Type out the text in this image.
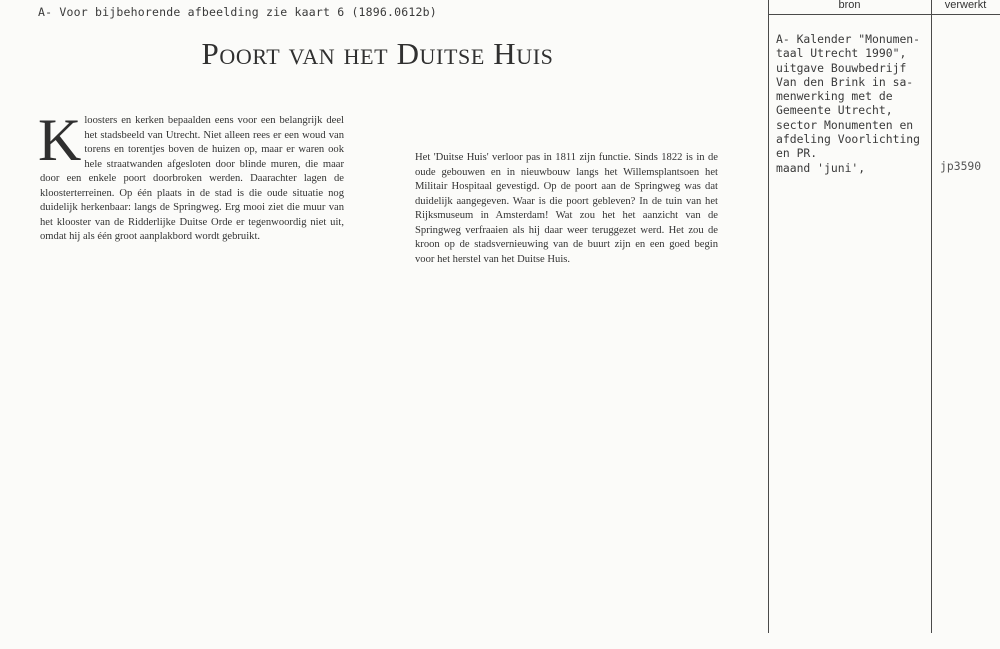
A- Voor bijbehorende afbeelding zie kaart 6 (1896.0612b)
Poort van het Duitse Huis
Kloosters en kerken bepaalden eens voor een belangrijk deel het stadsbeeld van Utrecht. Niet alleen rees er een woud van torens en torentjes boven de huizen op, maar er waren ook hele straatwanden afgesloten door blinde muren, die maar door een enkele poort doorbroken werden. Daarachter lagen de kloosterterreinen. Op één plaats in de stad is die oude situatie nog duidelijk herkenbaar: langs de Springweg. Erg mooi ziet die muur van het klooster van de Ridderlijke Duitse Orde er tegenwoordig niet uit, omdat hij als één groot aanplakbord wordt gebruikt.
Het 'Duitse Huis' verloor pas in 1811 zijn functie. Sinds 1822 is in de oude gebouwen en in nieuwbouw langs het Willemsplantsoen het Militair Hospitaal gevestigd. Op de poort aan de Springweg was dat duidelijk aangegeven. Waar is die poort gebleven? In de tuin van het Rijksmuseum in Amsterdam! Wat zou het het aanzicht van de Springweg verfraaien als hij daar weer teruggezet werd. Het zou de kroon op de stadsvernieuwing van de buurt zijn en een goed begin voor het herstel van het Duitse Huis.
bron	verwerkt
A- Kalender "Monumen-
taal Utrecht 1990",
uitgave Bouwbedrijf
Van den Brink in sa-
menwerking met de
Gemeente Utrecht,
sector Monumenten en
afdeling Voorlichting
en PR.
maand 'juni',	jp3590
